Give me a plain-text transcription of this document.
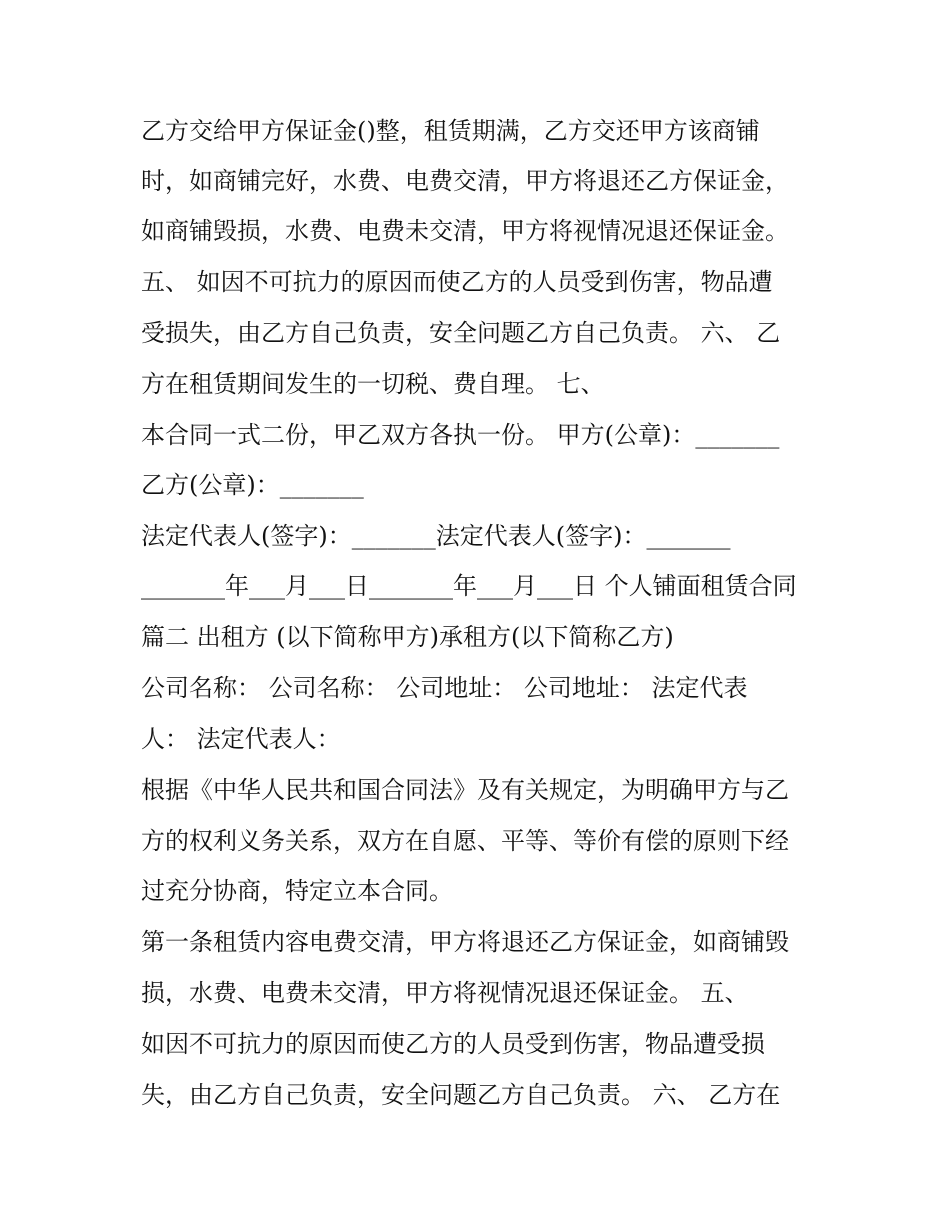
乙方交给甲方保证金()整，租赁期满，乙方交还甲方该商铺
时，如商铺完好，水费、电费交清，甲方将退还乙方保证金，
如商铺毁损，水费、电费未交清，甲方将视情况退还保证金。
五、 如因不可抗力的原因而使乙方的人员受到伤害，物品遭
受损失，由乙方自己负责，安全问题乙方自己负责。 六、 乙
方在租赁期间发生的一切税、费自理。 七、
本合同一式二份，甲乙双方各执一份。 甲方(公章)：_______
乙方(公章)：_______
法定代表人(签字)：_______法定代表人(签字)：_______
_______年___月___日_______年___月___日 个人铺面租赁合同
篇二 出租方 (以下简称甲方)承租方(以下简称乙方)
公司名称： 公司名称： 公司地址： 公司地址： 法定代表
人： 法定代表人：
根据《中华人民共和国合同法》及有关规定，为明确甲方与乙
方的权利义务关系，双方在自愿、平等、等价有偿的原则下经
过充分协商，特定立本合同。
第一条租赁内容电费交清，甲方将退还乙方保证金，如商铺毁
损，水费、电费未交清，甲方将视情况退还保证金。 五、
如因不可抗力的原因而使乙方的人员受到伤害，物品遭受损
失，由乙方自己负责，安全问题乙方自己负责。 六、 乙方在
